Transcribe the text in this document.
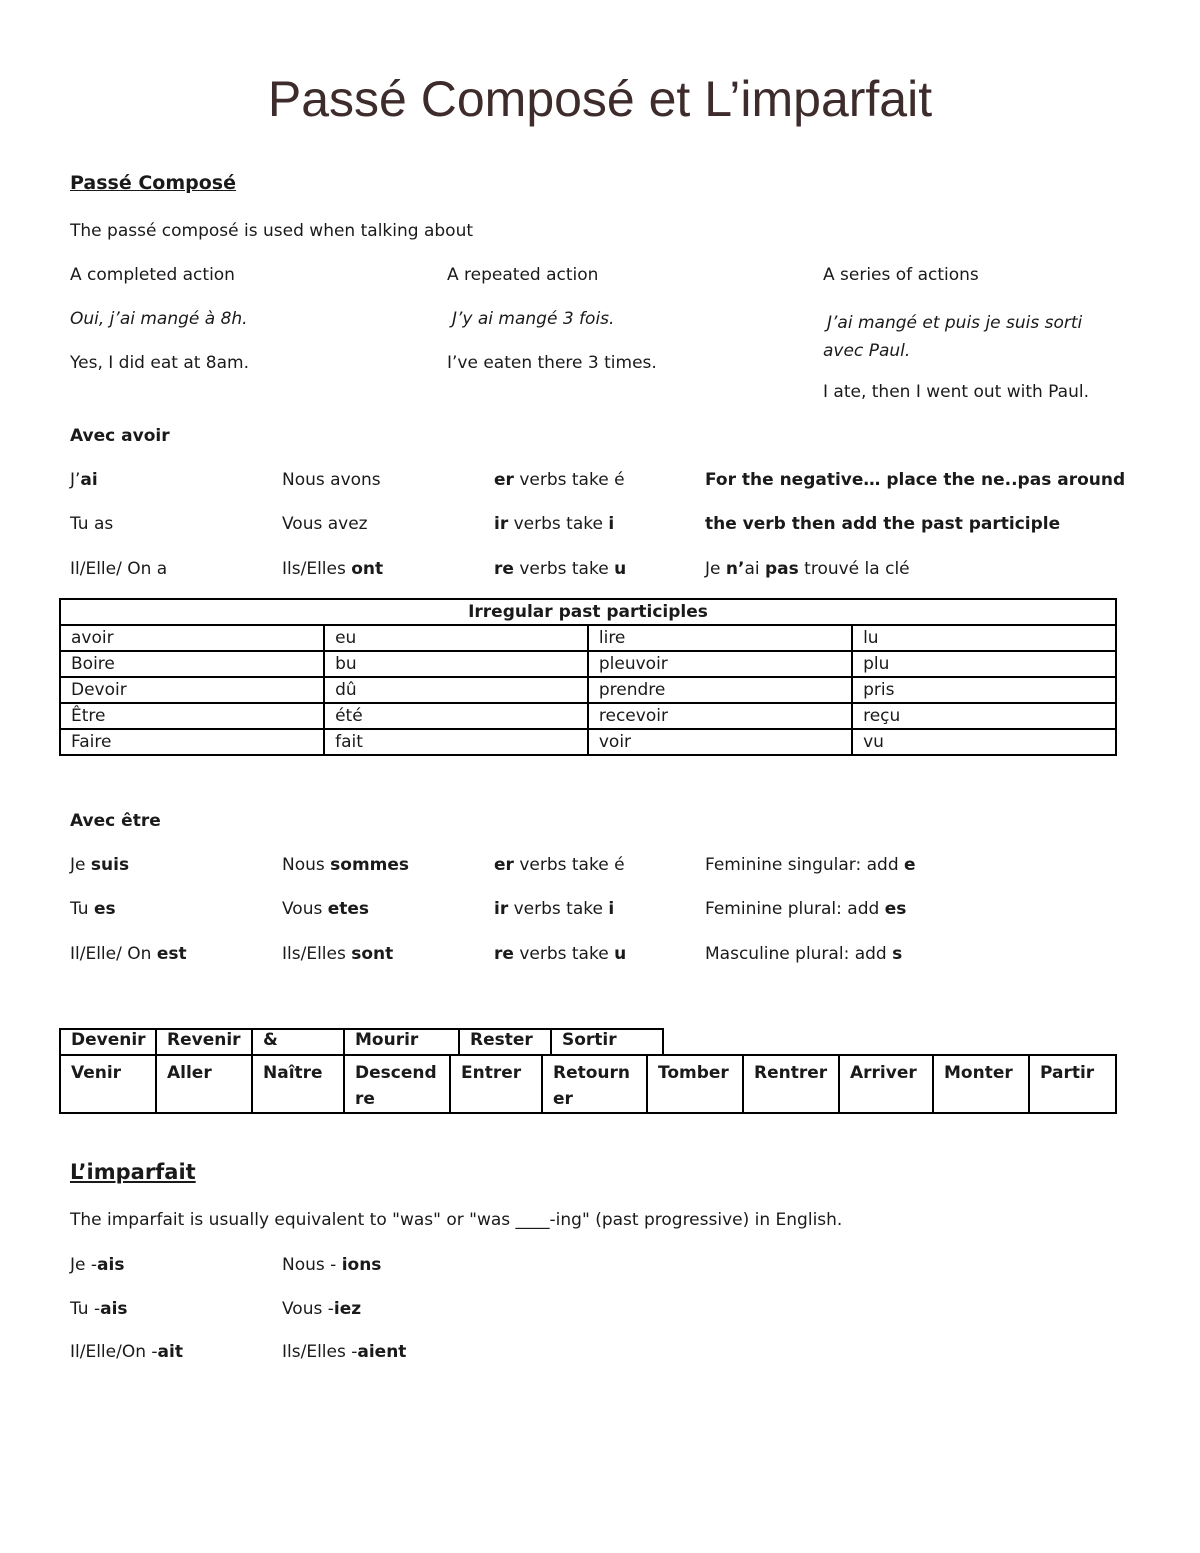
Passé Composé et L’imparfait
Passé Composé
The passé composé is used when talking about
A completed action
Oui, j’ai mangé à 8h.
Yes, I did eat at 8am.
A repeated action
J’y ai mangé 3 fois.
I’ve eaten there 3 times.
A series of actions
J’ai mangé et puis je suis sorti avec Paul.
I ate, then I went out with Paul.
Avec avoir
J’ai	Nous avons	er verbs take é	For the negative… place the ne..pas around
Tu as	Vous avez	ir verbs take i	the verb then add the past participle
Il/Elle/ On a	Ils/Elles ont	re verbs take u	Je n’ai pas trouvé la clé
Irregular past participles			
avoir	eu	lire	lu
Boire	bu	pleuvoir	plu
Devoir	dû	prendre	pris
Être	été	recevoir	reçu
Faire	fait	voir	vu
Avec être
Je suis	Nous sommes	er verbs take é	Feminine singular: add e
Tu es	Vous etes	ir verbs take i	Feminine plural: add es
Il/Elle/ On est	Ils/Elles sont	re verbs take u	Masculine plural: add s
Devenir	Revenir	&	Mourir	Rester	Sortir
Venir	Aller	Naître	Descendre	Entrer	Retourner	Tomber	Rentrer	Arriver	Monter	Partir
L’imparfait
The imparfait is usually equivalent to "was" or "was ____-ing" (past progressive) in English.
Je -ais	Nous - ions
Tu -ais	Vous -iez
Il/Elle/On -ait	Ils/Elles -aient
